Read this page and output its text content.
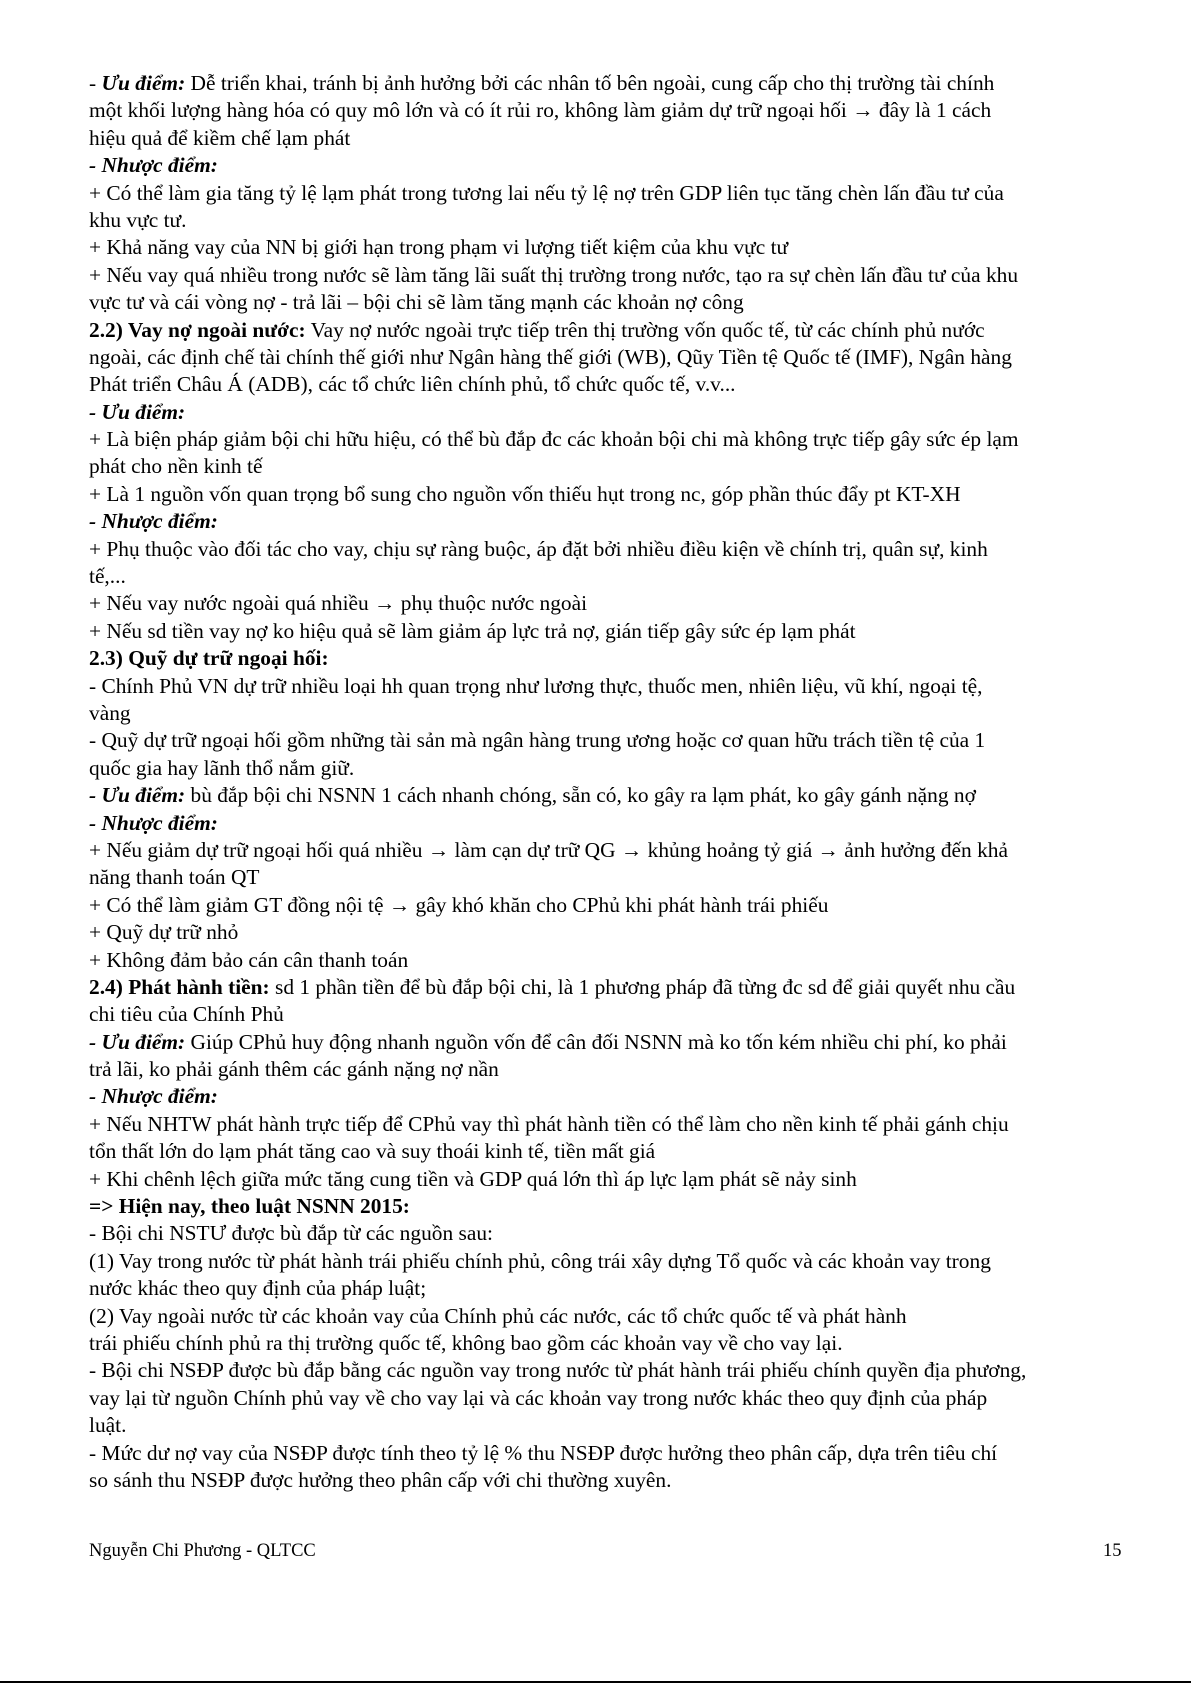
- Ưu điểm: Dễ triển khai, tránh bị ảnh hưởng bởi các nhân tố bên ngoài, cung cấp cho thị trường tài chính
một khối lượng hàng hóa có quy mô lớn và có ít rủi ro, không làm giảm dự trữ ngoại hối → đây là 1 cách
hiệu quả để kiềm chế lạm phát
- Nhược điểm:
+ Có thể làm gia tăng tỷ lệ lạm phát trong tương lai nếu tỷ lệ nợ trên GDP liên tục tăng chèn lấn đầu tư của
khu vực tư.
+ Khả năng vay của NN bị giới hạn trong phạm vi lượng tiết kiệm của khu vực tư
+ Nếu vay quá nhiều trong nước sẽ làm tăng lãi suất thị trường trong nước, tạo ra sự chèn lấn đầu tư của khu
vực tư và cái vòng nợ - trả lãi – bội chi sẽ làm tăng mạnh các khoản nợ công
2.2) Vay nợ ngoài nước: Vay nợ nước ngoài trực tiếp trên thị trường vốn quốc tế, từ các chính phủ nước
ngoài, các định chế tài chính thế giới như Ngân hàng thế giới (WB), Qũy Tiền tệ Quốc tế (IMF), Ngân hàng
Phát triển Châu Á (ADB), các tổ chức liên chính phủ, tổ chức quốc tế, v.v...
- Ưu điểm:
+ Là biện pháp giảm bội chi hữu hiệu, có thể bù đắp đc các khoản bội chi mà không trực tiếp gây sức ép lạm
phát cho nền kinh tế
+ Là 1 nguồn vốn quan trọng bổ sung cho nguồn vốn thiếu hụt trong nc, góp phần thúc đẩy pt KT-XH
- Nhược điểm:
+ Phụ thuộc vào đối tác cho vay, chịu sự ràng buộc, áp đặt bởi nhiều điều kiện về chính trị, quân sự, kinh
tế,...
+ Nếu vay nước ngoài quá nhiều → phụ thuộc nước ngoài
+ Nếu sd tiền vay nợ ko hiệu quả sẽ làm giảm áp lực trả nợ, gián tiếp gây sức ép lạm phát
2.3) Quỹ dự trữ ngoại hối:
- Chính Phủ VN dự trữ nhiều loại hh quan trọng như lương thực, thuốc men, nhiên liệu, vũ khí, ngoại tệ,
vàng
- Quỹ dự trữ ngoại hối gồm những tài sản mà ngân hàng trung ương hoặc cơ quan hữu trách tiền tệ của 1
quốc gia hay lãnh thổ nắm giữ.
- Ưu điểm: bù đắp bội chi NSNN 1 cách nhanh chóng, sẵn có, ko gây ra lạm phát, ko gây gánh nặng nợ
- Nhược điểm:
+ Nếu giảm dự trữ ngoại hối quá nhiều → làm cạn dự trữ QG → khủng hoảng tỷ giá → ảnh hưởng đến khả
năng thanh toán QT
+ Có thể làm giảm GT đồng nội tệ → gây khó khăn cho CPhủ khi phát hành trái phiếu
+ Quỹ dự trữ nhỏ
+ Không đảm bảo cán cân thanh toán
2.4) Phát hành tiền: sd 1 phần tiền để bù đắp bội chi, là 1 phương pháp đã từng đc sd để giải quyết nhu cầu
chi tiêu của Chính Phủ
- Ưu điểm: Giúp CPhủ huy động nhanh nguồn vốn để cân đối NSNN mà ko tốn kém nhiều chi phí, ko phải
trả lãi, ko phải gánh thêm các gánh nặng nợ nần
- Nhược điểm:
+ Nếu NHTW phát hành trực tiếp để CPhủ vay thì phát hành tiền có thể làm cho nền kinh tế phải gánh chịu
tổn thất lớn do lạm phát tăng cao và suy thoái kinh tế, tiền mất giá
+ Khi chênh lệch giữa mức tăng cung tiền và GDP quá lớn thì áp lực lạm phát sẽ nảy sinh
=> Hiện nay, theo luật NSNN 2015:
- Bội chi NSTƯ được bù đắp từ các nguồn sau:
(1) Vay trong nước từ phát hành trái phiếu chính phủ, công trái xây dựng Tổ quốc và các khoản vay trong
nước khác theo quy định của pháp luật;
(2) Vay ngoài nước từ các khoản vay của Chính phủ các nước, các tổ chức quốc tế và phát hành
trái phiếu chính phủ ra thị trường quốc tế, không bao gồm các khoản vay về cho vay lại.
- Bội chi NSĐP được bù đắp bằng các nguồn vay trong nước từ phát hành trái phiếu chính quyền địa phương,
vay lại từ nguồn Chính phủ vay về cho vay lại và các khoản vay trong nước khác theo quy định của pháp
luật.
- Mức dư nợ vay của NSĐP được tính theo tỷ lệ % thu NSĐP được hưởng theo phân cấp, dựa trên tiêu chí
so sánh thu NSĐP được hưởng theo phân cấp với chi thường xuyên.
Nguyễn Chi Phương - QLTCC	15
